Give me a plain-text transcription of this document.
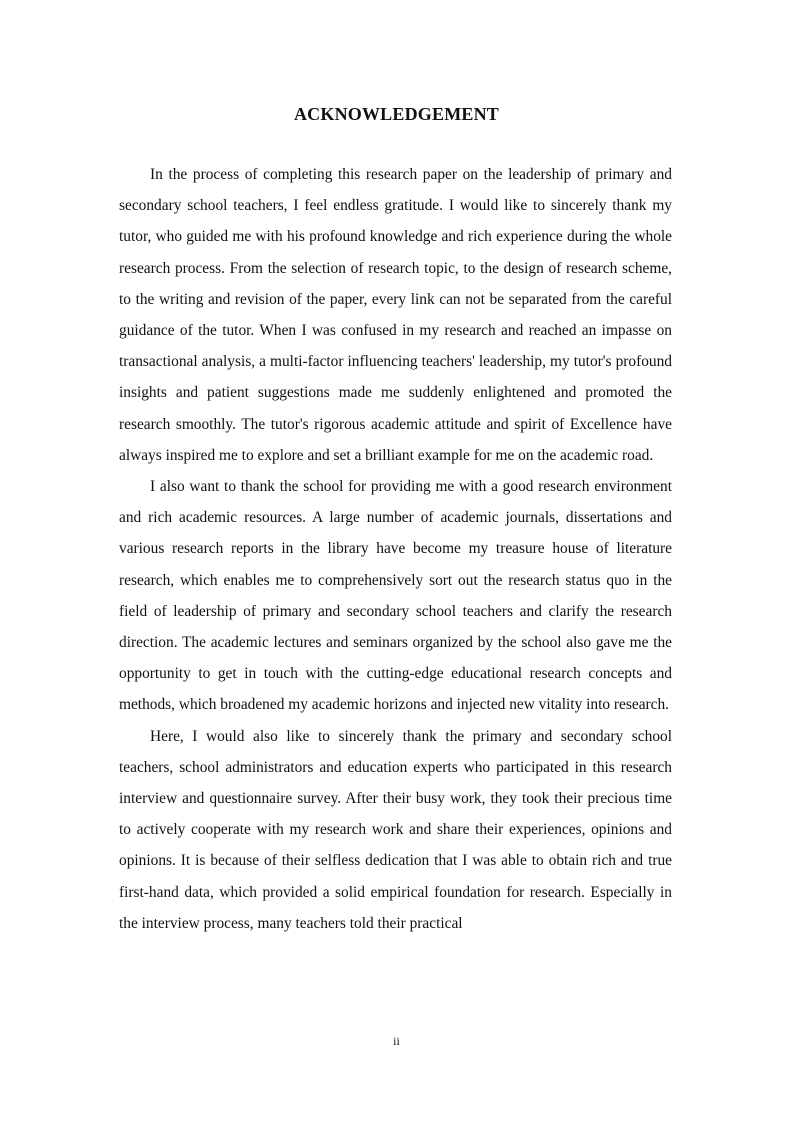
ACKNOWLEDGEMENT

In the process of completing this research paper on the leadership of primary and secondary school teachers, I feel endless gratitude. I would like to sincerely thank my tutor, who guided me with his profound knowledge and rich experience during the whole research process. From the selection of research topic, to the design of research scheme, to the writing and revision of the paper, every link can not be separated from the careful guidance of the tutor. When I was confused in my research and reached an impasse on transactional analysis, a multi-factor influencing teachers' leadership, my tutor's profound insights and patient suggestions made me suddenly enlightened and promoted the research smoothly. The tutor's rigorous academic attitude and spirit of Excellence have always inspired me to explore and set a brilliant example for me on the academic road.

I also want to thank the school for providing me with a good research environment and rich academic resources. A large number of academic journals, dissertations and various research reports in the library have become my treasure house of literature research, which enables me to comprehensively sort out the research status quo in the field of leadership of primary and secondary school teachers and clarify the research direction. The academic lectures and seminars organized by the school also gave me the opportunity to get in touch with the cutting-edge educational research concepts and methods, which broadened my academic horizons and injected new vitality into research.

Here, I would also like to sincerely thank the primary and secondary school teachers, school administrators and education experts who participated in this research interview and questionnaire survey. After their busy work, they took their precious time to actively cooperate with my research work and share their experiences, opinions and opinions. It is because of their selfless dedication that I was able to obtain rich and true first-hand data, which provided a solid empirical foundation for research. Especially in the interview process, many teachers told their practical

ii
